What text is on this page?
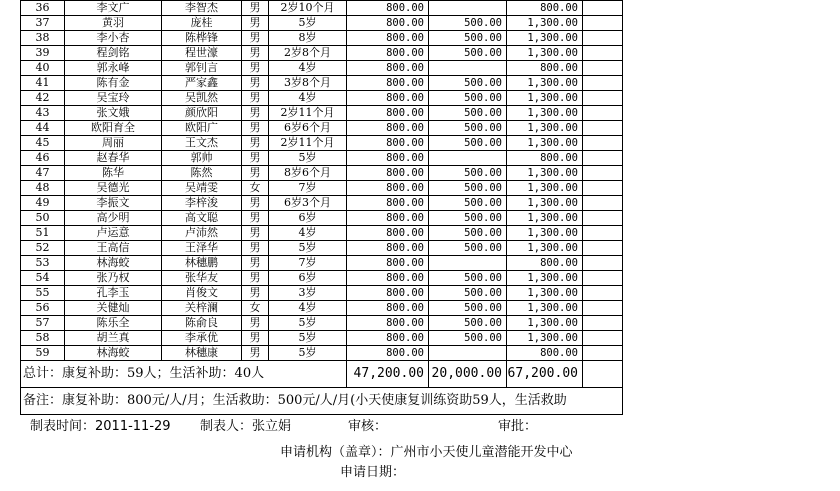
36	李文广	李智杰	男	2岁10个月	800.00		800.00	
37	黄羽	庞桂	男	5岁	800.00	500.00	1,300.00	
38	李小杏	陈桦锋	男	8岁	800.00	500.00	1,300.00	
39	程剑铭	程世濠	男	2岁8个月	800.00	500.00	1,300.00	
40	郭永峰	郭钊言	男	4岁	800.00		800.00	
41	陈有金	严家鑫	男	3岁8个月	800.00	500.00	1,300.00	
42	吴宝玲	吴凯然	男	4岁	800.00	500.00	1,300.00	
43	张文娥	颜欣阳	男	2岁11个月	800.00	500.00	1,300.00	
44	欧阳育全	欧阳广	男	6岁6个月	800.00	500.00	1,300.00	
45	周丽	王文杰	男	2岁11个月	800.00	500.00	1,300.00	
46	赵春华	郭帅	男	5岁	800.00		800.00	
47	陈华	陈然	男	8岁6个月	800.00	500.00	1,300.00	
48	吴德光	吴靖雯	女	7岁	800.00	500.00	1,300.00	
49	李振文	李梓浚	男	6岁3个月	800.00	500.00	1,300.00	
50	高少明	高文聪	男	6岁	800.00	500.00	1,300.00	
51	卢运意	卢沛然	男	4岁	800.00	500.00	1,300.00	
52	王高信	王泽华	男	5岁	800.00	500.00	1,300.00	
53	林海蛟	林穗鹏	男	7岁	800.00		800.00	
54	张乃权	张华友	男	6岁	800.00	500.00	1,300.00	
55	孔李玉	肖俊文	男	3岁	800.00	500.00	1,300.00	
56	关健灿	关梓澜	女	4岁	800.00	500.00	1,300.00	
57	陈乐全	陈俞良	男	5岁	800.00	500.00	1,300.00	
58	胡兰真	李承优	男	5岁	800.00	500.00	1,300.00	
59	林海蛟	林穗康	男	5岁	800.00		800.00	
总计：康复补助：59人；生活补助：40人					47,200.00	20,000.00	67,200.00	
备注：康复补助：800元/人/月；生活救助：500元/人/月(小天使康复训练资助59人，生活救助								
制表时间：2011-11-29 制表人：张立娟	审核：	审批：
申请机构（盖章）：广州市小天使儿童潜能开发中心
申请日期：
